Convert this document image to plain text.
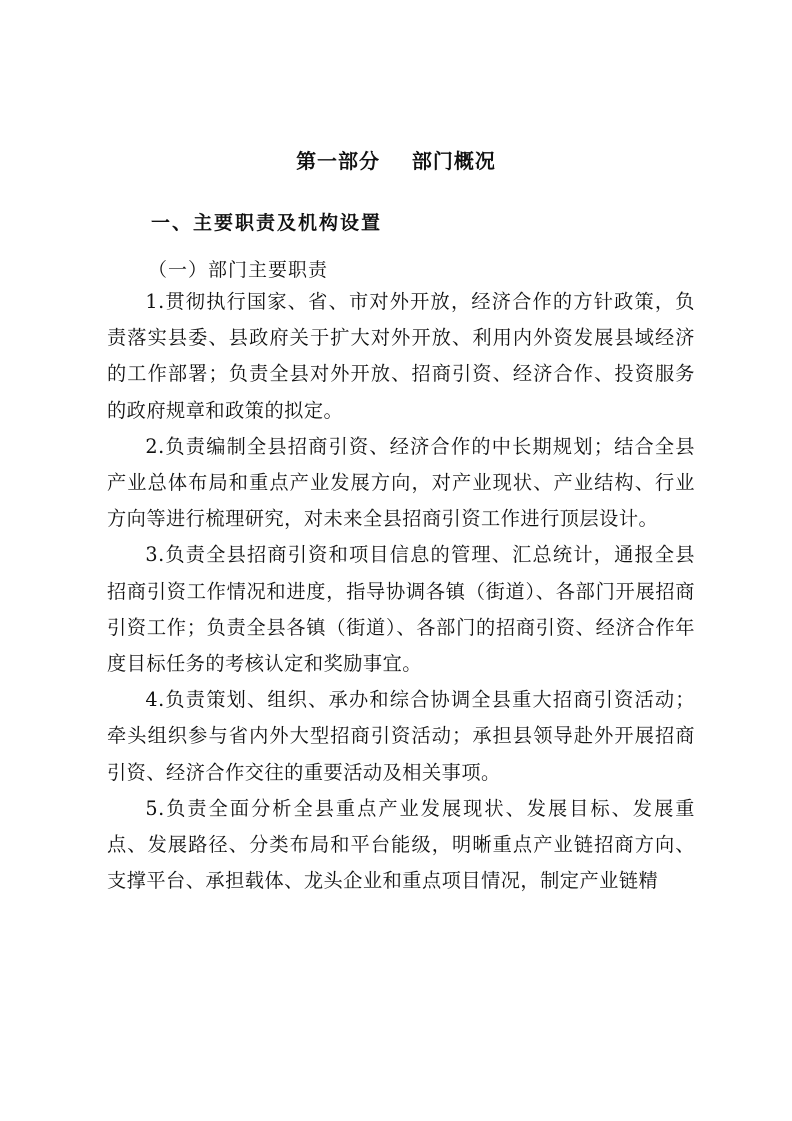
第一部分    部门概况
一、主要职责及机构设置
（一）部门主要职责

1.贯彻执行国家、省、市对外开放，经济合作的方针政策，负责落实县委、县政府关于扩大对外开放、利用内外资发展县域经济的工作部署；负责全县对外开放、招商引资、经济合作、投资服务的政府规章和政策的拟定。

2.负责编制全县招商引资、经济合作的中长期规划；结合全县产业总体布局和重点产业发展方向，对产业现状、产业结构、行业方向等进行梳理研究，对未来全县招商引资工作进行顶层设计。

3.负责全县招商引资和项目信息的管理、汇总统计，通报全县招商引资工作情况和进度，指导协调各镇（街道）、各部门开展招商引资工作；负责全县各镇（街道）、各部门的招商引资、经济合作年度目标任务的考核认定和奖励事宜。

4.负责策划、组织、承办和综合协调全县重大招商引资活动；牵头组织参与省内外大型招商引资活动；承担县领导赴外开展招商引资、经济合作交往的重要活动及相关事项。

5.负责全面分析全县重点产业发展现状、发展目标、发展重点、发展路径、分类布局和平台能级，明晰重点产业链招商方向、支撑平台、承担载体、龙头企业和重点项目情况，制定产业链精
